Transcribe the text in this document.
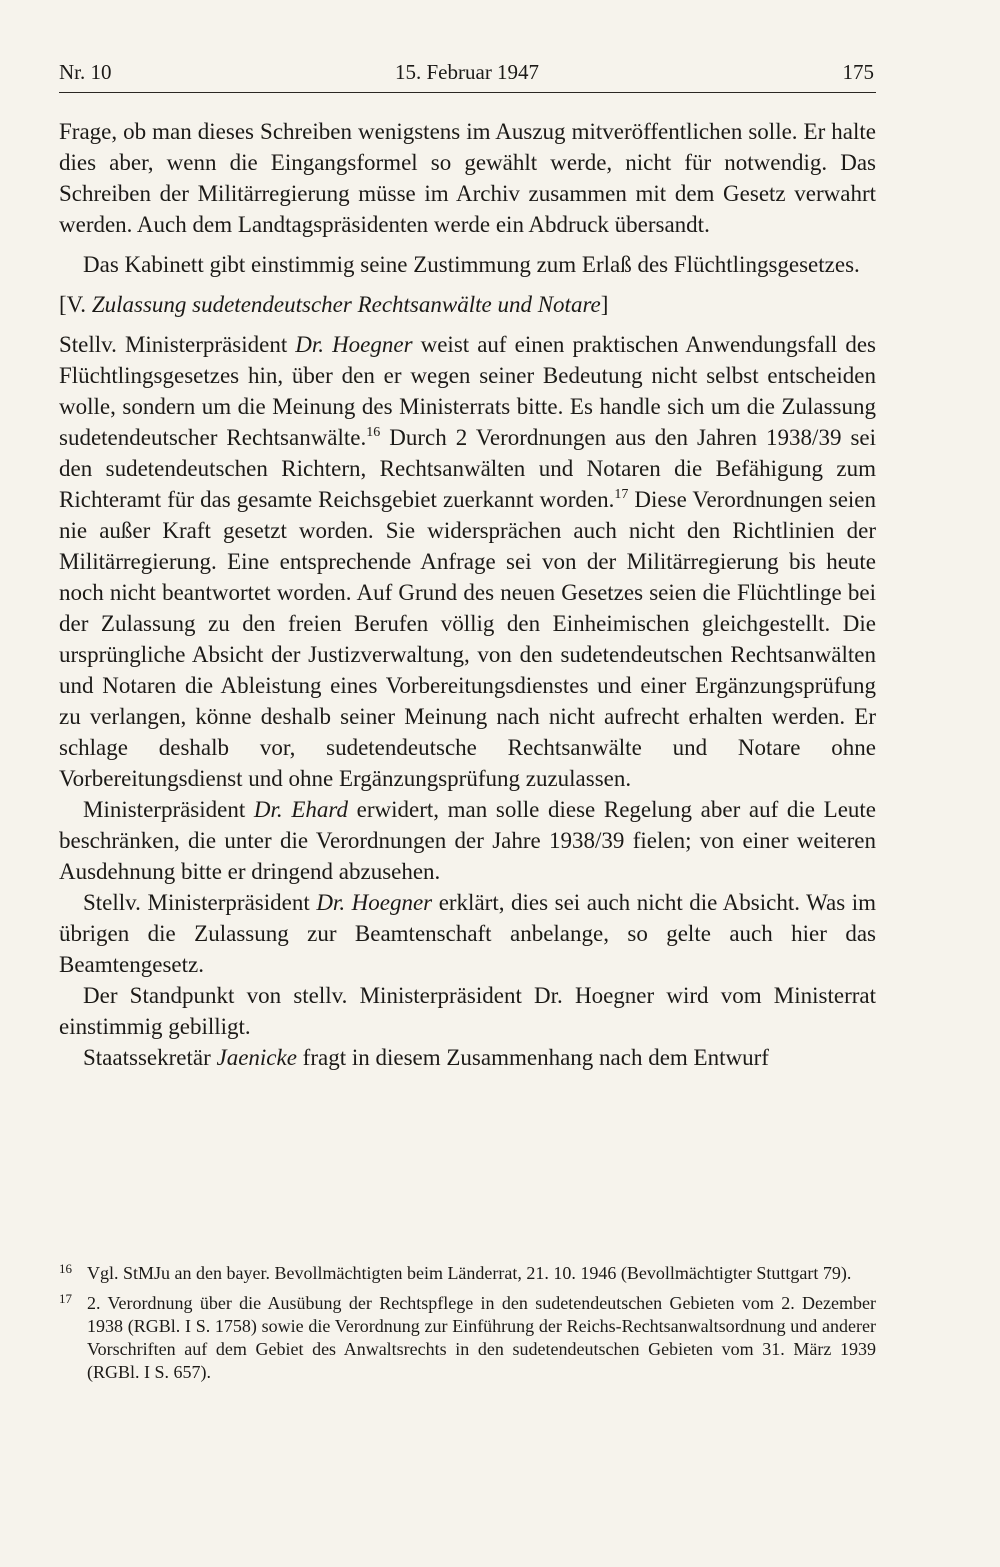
Nr. 10	15. Februar 1947	175

Frage, ob man dieses Schreiben wenigstens im Auszug mitveröffentlichen solle. Er halte dies aber, wenn die Eingangsformel so gewählt werde, nicht für notwendig. Das Schreiben der Militärregierung müsse im Archiv zusammen mit dem Gesetz verwahrt werden. Auch dem Landtagspräsidenten werde ein Abdruck übersandt.

Das Kabinett gibt einstimmig seine Zustimmung zum Erlaß des Flüchtlingsgesetzes.

[V. Zulassung sudetendeutscher Rechtsanwälte und Notare]

Stellv. Ministerpräsident Dr. Hoegner weist auf einen praktischen Anwendungsfall des Flüchtlingsgesetzes hin, über den er wegen seiner Bedeutung nicht selbst entscheiden wolle, sondern um die Meinung des Ministerrats bitte. Es handle sich um die Zulassung sudetendeutscher Rechtsanwälte.$^{16}$ Durch 2 Verordnungen aus den Jahren 1938/39 sei den sudetendeutschen Richtern, Rechtsanwälten und Notaren die Befähigung zum Richteramt für das gesamte Reichsgebiet zuerkannt worden.$^{17}$ Diese Verordnungen seien nie außer Kraft gesetzt worden. Sie widersprächen auch nicht den Richtlinien der Militärregierung. Eine entsprechende Anfrage sei von der Militärregierung bis heute noch nicht beantwortet worden. Auf Grund des neuen Gesetzes seien die Flüchtlinge bei der Zulassung zu den freien Berufen völlig den Einheimischen gleichgestellt. Die ursprüngliche Absicht der Justizverwaltung, von den sudetendeutschen Rechtsanwälten und Notaren die Ableistung eines Vorbereitungsdienstes und einer Ergänzungsprüfung zu verlangen, könne deshalb seiner Meinung nach nicht aufrecht erhalten werden. Er schlage deshalb vor, sudetendeutsche Rechtsanwälte und Notare ohne Vorbereitungsdienst und ohne Ergänzungsprüfung zuzulassen.

Ministerpräsident Dr. Ehard erwidert, man solle diese Regelung aber auf die Leute beschränken, die unter die Verordnungen der Jahre 1938/39 fielen; von einer weiteren Ausdehnung bitte er dringend abzusehen.

Stellv. Ministerpräsident Dr. Hoegner erklärt, dies sei auch nicht die Absicht. Was im übrigen die Zulassung zur Beamtenschaft anbelange, so gelte auch hier das Beamtengesetz.

Der Standpunkt von stellv. Ministerpräsident Dr. Hoegner wird vom Ministerrat einstimmig gebilligt.

Staatssekretär Jaenicke fragt in diesem Zusammenhang nach dem Entwurf

16 Vgl. StMJu an den bayer. Bevollmächtigten beim Länderrat, 21. 10. 1946 (Bevollmächtigter Stuttgart 79).
17 2. Verordnung über die Ausübung der Rechtspflege in den sudetendeutschen Gebieten vom 2. Dezember 1938 (RGBl. I S. 1758) sowie die Verordnung zur Einführung der Reichs-Rechtsanwaltsordnung und anderer Vorschriften auf dem Gebiet des Anwaltsrechts in den sudetendeutschen Gebieten vom 31. März 1939 (RGBl. I S. 657).
